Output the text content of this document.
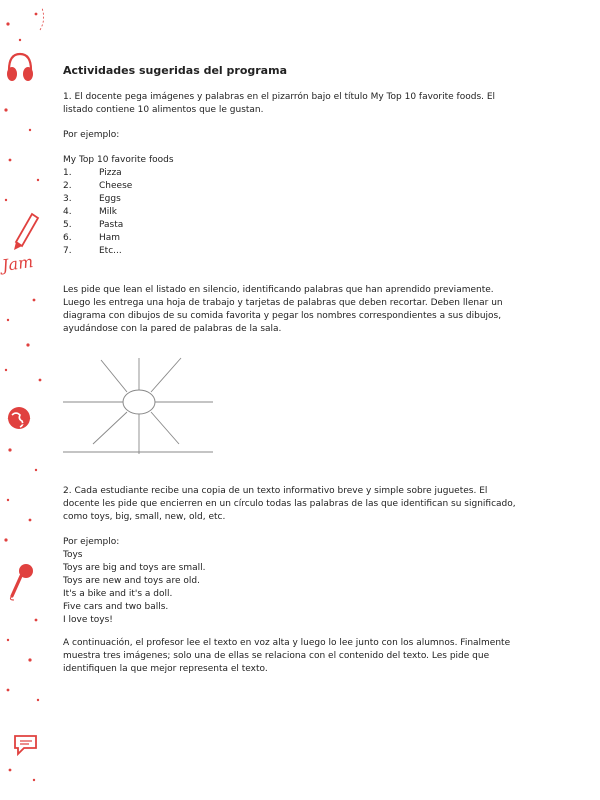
Jam
Actividades sugeridas del programa

1. El docente pega imágenes y palabras en el pizarrón bajo el título My Top 10 favorite foods. El listado contiene 10 alimentos que le gustan.

Por ejemplo:

My Top 10 favorite foods

1.	Pizza
2.	Cheese
3.	Eggs
4.	Milk
5.	Pasta
6.	Ham
7.	Etc...

Les pide que lean el listado en silencio, identificando palabras que han aprendido previamente. Luego les entrega una hoja de trabajo y tarjetas de palabras que deben recortar. Deben llenar un diagrama con dibujos de su comida favorita y pegar los nombres correspondientes a sus dibujos, ayudándose con la pared de palabras de la sala.

2. Cada estudiante recibe una copia de un texto informativo breve y simple sobre juguetes. El docente les pide que encierren en un círculo todas las palabras de las que identifican su significado, como toys, big, small, new, old, etc.

Por ejemplo:

Toys

Toys are big and toys are small.

Toys are new and toys are old.

It's a bike and it's a doll.

Five cars and two balls.

I love toys!

A continuación, el profesor lee el texto en voz alta y luego lo lee junto con los alumnos. Finalmente muestra tres imágenes; solo una de ellas se relaciona con el contenido del texto. Les pide que identifiquen la que mejor representa el texto.
